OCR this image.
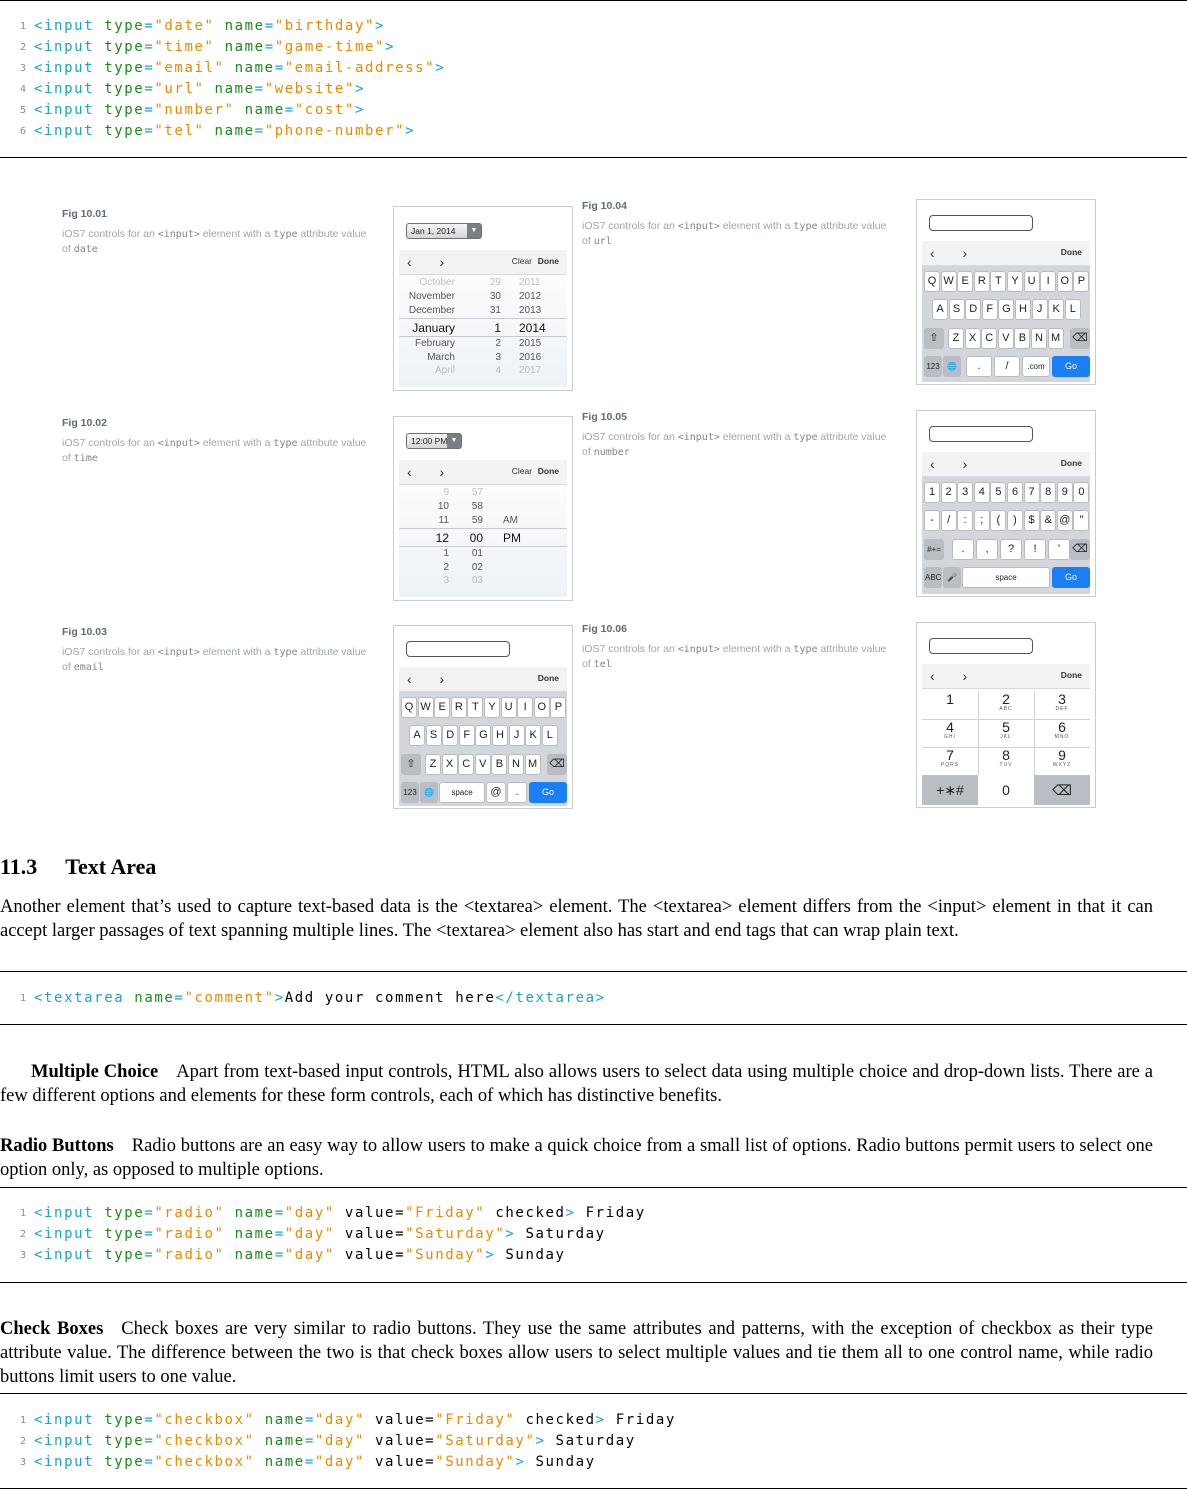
1 <input type="date" name="birthday">
2 <input type="time" name="game-time">
3 <input type="email" name="email-address">
4 <input type="url" name="website">
5 <input type="number" name="cost">
6 <input type="tel" name="phone-number">
Fig 10.01
iOS7 controls for an <input> element with a type attribute value of date
Fig 10.02
iOS7 controls for an <input> element with a type attribute value of time
Fig 10.03
iOS7 controls for an <input> element with a type attribute value of email
Fig 10.04
iOS7 controls for an <input> element with a type attribute value of url
Fig 10.05
iOS7 controls for an <input> element with a type attribute value of number
Fig 10.06
iOS7 controls for an <input> element with a type attribute value of tel
Jan 1, 2014	▼
‹ ›	Clear Done
October	29 2011
November	30 2012
December	31 2013
January	1 2014
February	2 2015
March	3 2016
April	4 2017
12:00 PM ▼
‹ ›	Clear Done
9	57
10	58
11	59 AM
12	00 PM
1	01
2	02
3	03
‹ ›	Done
Q W E R T Y U	I O P
A S D F G H J K L
⇧	Z X C V B N M	⌫
123 🌐	space	@	.	Go
‹ ›	Done
Q W E R T Y U	I O P
A S D F G H J K L
⇧	Z X C V B N M	⌫
123 🌐	.	/	.com	Go
‹ ›	Done
1 2 3 4 5 6 7 8 9 0
-	/	:	;	(	)	$ & @ "
#+=	.	,	?	!	'	⌫
ABC 🎤	space	Go
‹ ›	Done
1	2
ABC
3
DEF
4
GHI
5
JKL
6
MNO
7
PQRS
8
TUV
9
WXYZ
+∗#	0	⌫
11.3 Text Area
Another element that’s used to capture text-based data is the <textarea> element. The <textarea> element differs from the <input> element in that it can accept larger passages of text spanning multiple lines. The <textarea> element also has start and end tags that can wrap plain text.
1 <textarea name="comment">Add your comment here</textarea>
Multiple Choice Apart from text-based input controls, HTML also allows users to select data using multiple choice and drop-down lists. There are a few different options and elements for these form controls, each of which has distinctive benefits.
Radio Buttons Radio buttons are an easy way to allow users to make a quick choice from a small list of options. Radio buttons permit users to select one option only, as opposed to multiple options.
1 <input type="radio" name="day" value="Friday" checked> Friday
2 <input type="radio" name="day" value="Saturday"> Saturday
3 <input type="radio" name="day" value="Sunday"> Sunday
Check Boxes Check boxes are very similar to radio buttons. They use the same attributes and patterns, with the exception of checkbox as their type attribute value. The difference between the two is that check boxes allow users to select multiple values and tie them all to one control name, while radio buttons limit users to one value.
1 <input type="checkbox" name="day" value="Friday" checked> Friday
2 <input type="checkbox" name="day" value="Saturday"> Saturday
3 <input type="checkbox" name="day" value="Sunday"> Sunday
